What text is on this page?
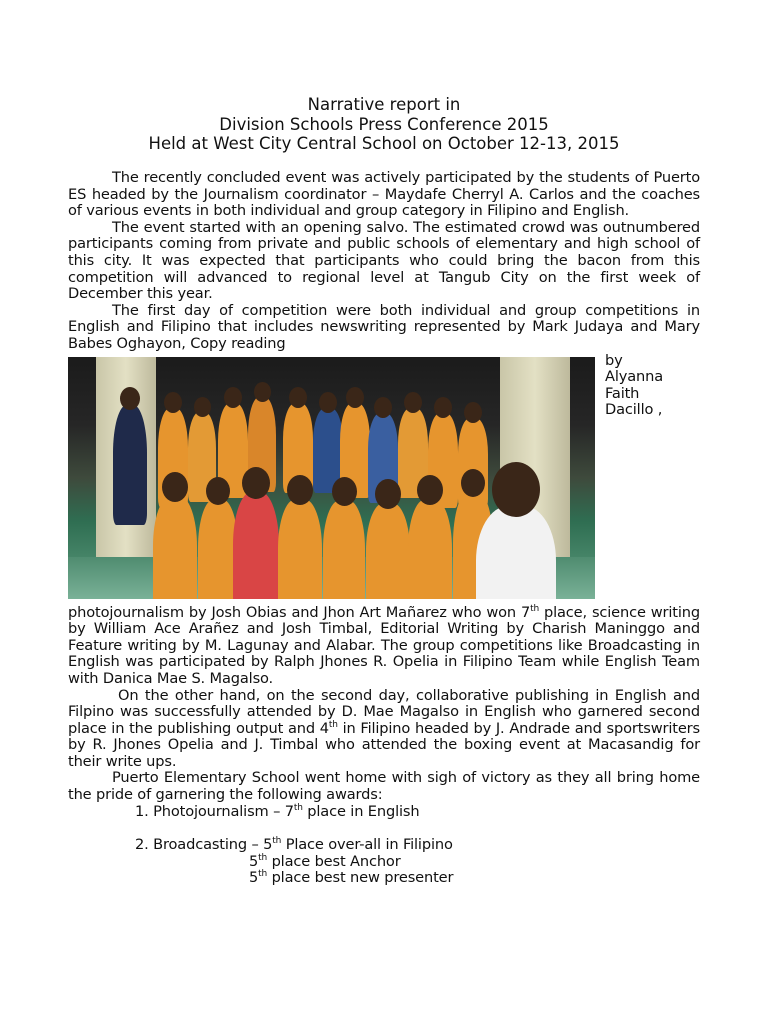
Narrative report in
Division Schools Press Conference 2015
Held at West City Central School on October 12-13, 2015

The recently concluded event was actively participated by the students of Puerto ES headed by the Journalism coordinator – Maydafe Cherryl A. Carlos and the coaches of various events in both individual and group category in Filipino and English.

The event started with an opening salvo. The estimated crowd was outnumbered participants coming from private and public schools of elementary and high school of this city. It was expected that participants who could bring the bacon from this competition will advanced to regional level at Tangub City on the first week of December this year.

The first day of competition were both individual and group competitions in English and Filipino that includes newswriting represented by Mark Judaya and Mary Babes Oghayon, Copy reading

by
Alyanna
Faith
Dacillo ,

photojournalism by Josh Obias and Jhon Art Mañarez who won 7th place, science writing by William Ace Arañez and Josh Timbal, Editorial Writing by Charish Maninggo and Feature writing by M. Lagunay and Alabar. The group competitions like Broadcasting in English was participated by Ralph Jhones R. Opelia in Filipino Team while English Team with Danica Mae S. Magalso.

On the other hand, on the second day, collaborative publishing in English and Filpino was successfully attended by D. Mae Magalso in English who garnered second place in the publishing output and 4th in Filipino headed by J. Andrade and sportswriters by R. Jhones Opelia and J. Timbal who attended the boxing event at Macasandig for their write ups.

Puerto Elementary School went home with sigh of victory as they all bring home the pride of garnering the following awards:

1. Photojournalism – 7th place in English
2. Broadcasting – 5th Place over-all in Filipino
5th place best Anchor
5th place best new presenter
